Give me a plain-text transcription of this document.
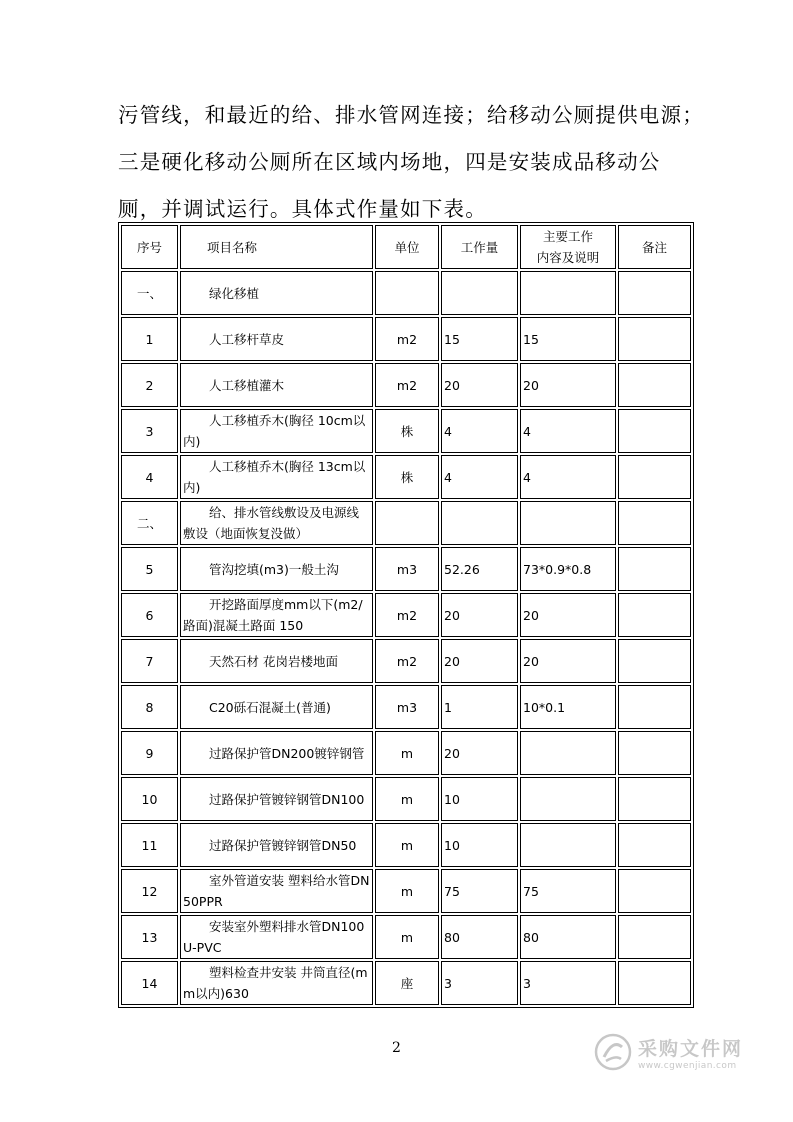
污管线，和最近的给、排水管网连接；给移动公厕提供电源；
三是硬化移动公厕所在区域内场地，四是安装成品移动公
厕，并调试运行。具体式作量如下表。
序号	项目名称	单位	工作量	主要工作
内容及说明	备注
一、	绿化移植				
1	人工移杆草皮	m2	15	15	
2	人工移植灌木	m2	20	20	
3	人工移植乔木(胸径 10cm以内)	株	4	4	
4	人工移植乔木(胸径 13cm以内)	株	4	4	
二、	给、排水管线敷设及电源线敷设（地面恢复没做）				
5	管沟挖填(m3)一般土沟	m3	52.26	73*0.9*0.8	
6	开挖路面厚度mm以下(m2/路面)混凝土路面 150	m2	20	20	
7	天然石材 花岗岩楼地面	m2	20	20	
8	C20砾石混凝土(普通)	m3	1	10*0.1	
9	过路保护管DN200镀锌钢管	m	20		
10	过路保护管镀锌钢管DN100	m	10		
11	过路保护管镀锌钢管DN50	m	10		
12	室外管道安装 塑料给水管DN50PPR	m	75	75	
13	安装室外塑料排水管DN100U-PVC	m	80	80	
14	塑料检查井安装 井筒直径(mm以内)630	座	3	3	
2	采购文件网
www.cgwenjian.com
